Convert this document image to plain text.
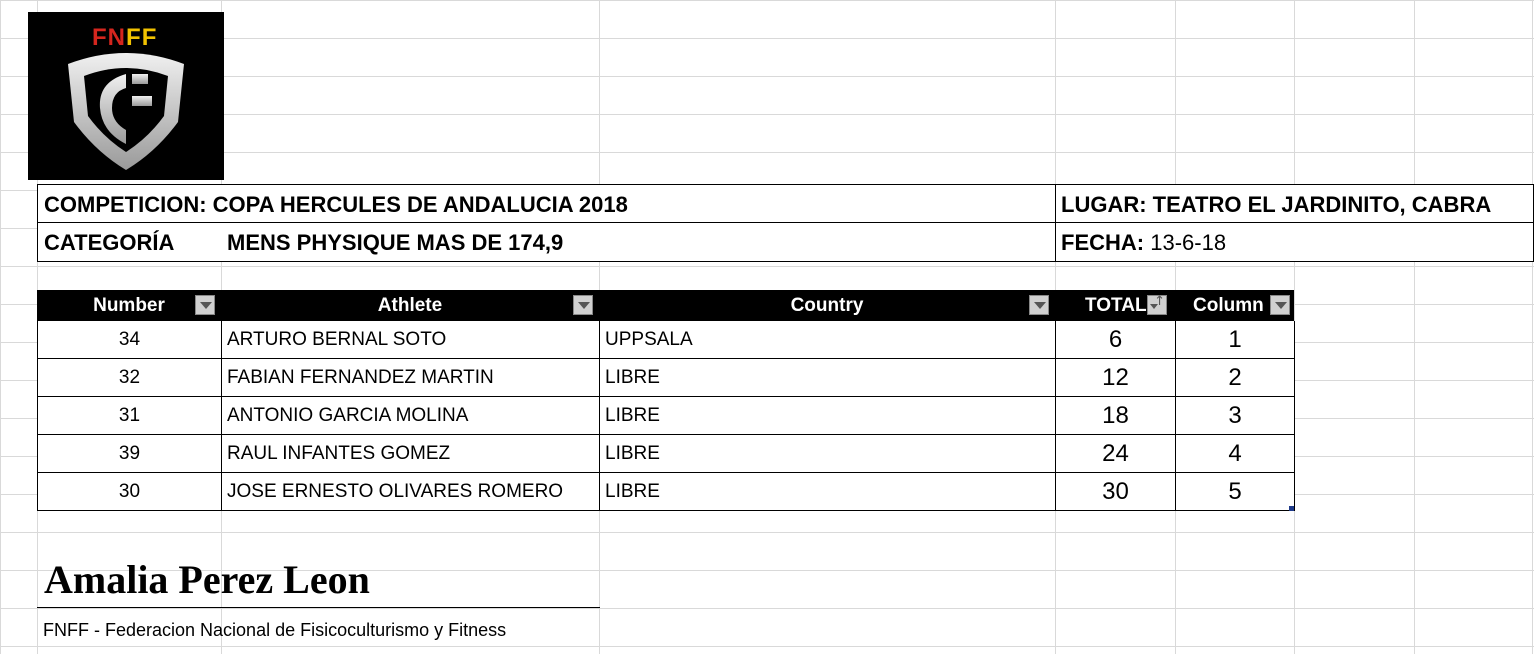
FNFF
COMPETICION: COPA HERCULES DE ANDALUCIA 2018	LUGAR: TEATRO EL JARDINITO, CABRA
CATEGORÍA MENS PHYSIQUE MAS DE 174,9	FECHA: 13-6-18
Number	Athlete	Country	TOTAL
↑	Column
34	ARTURO BERNAL SOTO	UPPSALA	6	1
32	FABIAN FERNANDEZ MARTIN	LIBRE	12	2
31	ANTONIO GARCIA MOLINA	LIBRE	18	3
39	RAUL INFANTES GOMEZ	LIBRE	24	4
30	JOSE ERNESTO OLIVARES ROMERO	LIBRE	30	5
Amalia Perez Leon
FNFF - Federacion Nacional de Fisicoculturismo y Fitness
